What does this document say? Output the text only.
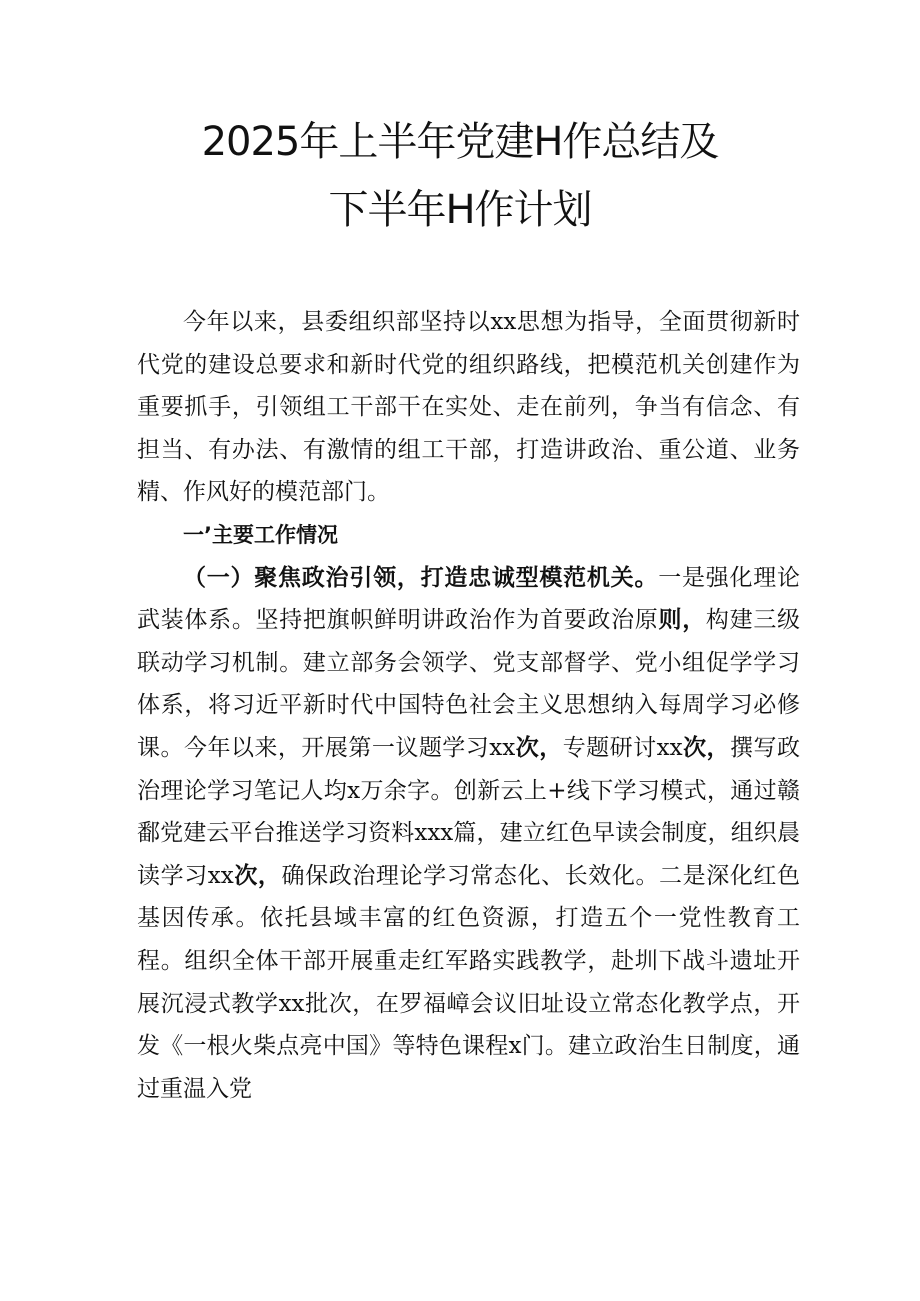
2025年上半年党建H作总结及
下半年H作计划

今年以来，县委组织部坚持以xx思想为指导，全面贯彻新时代党的建设总要求和新时代党的组织路线，把模范机关创建作为重要抓手，引领组工干部干在实处、走在前列，争当有信念、有担当、有办法、有激情的组工干部，打造讲政治、重公道、业务精、作风好的模范部门。

一’主要工作情况

（一）聚焦政治引领，打造忠诚型模范机关。一是强化理论武装体系。坚持把旗帜鲜明讲政治作为首要政治原则，构建三级联动学习机制。建立部务会领学、党支部督学、党小组促学学习体系，将习近平新时代中国特色社会主义思想纳入每周学习必修课。今年以来，开展第一议题学习xx次，专题研讨xx次，撰写政治理论学习笔记人均x万余字。创新云上+线下学习模式，通过赣鄱党建云平台推送学习资料xxx篇，建立红色早读会制度，组织晨读学习xx次，确保政治理论学习常态化、长效化。二是深化红色基因传承。依托县域丰富的红色资源，打造五个一党性教育工程。组织全体干部开展重走红军路实践教学，赴圳下战斗遗址开展沉浸式教学xx批次，在罗福嶂会议旧址设立常态化教学点，开发《一根火柴点亮中国》等特色课程x门。建立政治生日制度，通过重温入党
